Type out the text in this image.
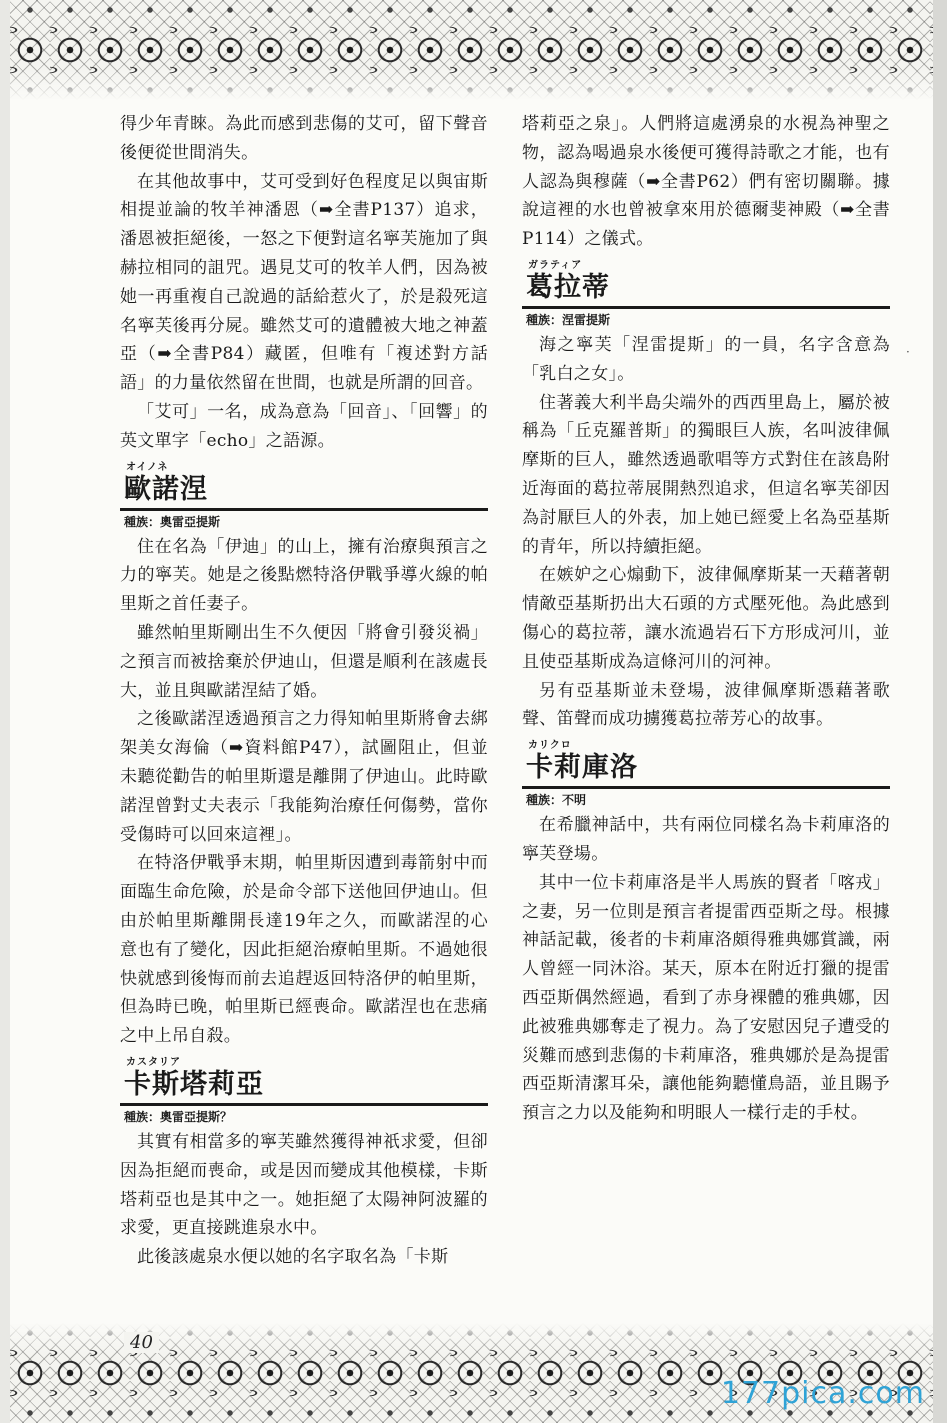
·

得少年青睞。為此而感到悲傷的艾可，留下聲音後便從世間消失。

在其他故事中，艾可受到好色程度足以與宙斯相提並論的牧羊神潘恩（➡全書P137）追求，潘恩被拒絕後，一怒之下便對這名寧芙施加了與赫拉相同的詛咒。遇見艾可的牧羊人們，因為被她一再重複自己說過的話給惹火了，於是殺死這名寧芙後再分屍。雖然艾可的遺體被大地之神蓋亞（➡全書P84）藏匿，但唯有「複述對方話語」的力量依然留在世間，也就是所謂的回音。

「艾可」一名，成為意為「回音」、「回響」的英文單字「echo」之語源。

オイノネ
歐諾涅
種族：奧雷亞提斯

住在名為「伊迪」的山上，擁有治療與預言之力的寧芙。她是之後點燃特洛伊戰爭導火線的帕里斯之首任妻子。

雖然帕里斯剛出生不久便因「將會引發災禍」之預言而被捨棄於伊迪山，但還是順利在該處長大，並且與歐諾涅結了婚。

之後歐諾涅透過預言之力得知帕里斯將會去綁架美女海倫（➡資料館P47），試圖阻止，但並未聽從勸告的帕里斯還是離開了伊迪山。此時歐諾涅曾對丈夫表示「我能夠治療任何傷勢，當你受傷時可以回來這裡」。

在特洛伊戰爭末期，帕里斯因遭到毒箭射中而面臨生命危險，於是命令部下送他回伊迪山。但由於帕里斯離開長達19年之久，而歐諾涅的心意也有了變化，因此拒絕治療帕里斯。不過她很快就感到後悔而前去追趕返回特洛伊的帕里斯，但為時已晚，帕里斯已經喪命。歐諾涅也在悲痛之中上吊自殺。

カスタリア
卡斯塔莉亞
種族：奧雷亞提斯？

其實有相當多的寧芙雖然獲得神祇求愛，但卻因為拒絕而喪命，或是因而變成其他模樣，卡斯塔莉亞也是其中之一。她拒絕了太陽神阿波羅的求愛，更直接跳進泉水中。

此後該處泉水便以她的名字取名為「卡斯

塔莉亞之泉」。人們將這處湧泉的水視為神聖之物，認為喝過泉水後便可獲得詩歌之才能，也有人認為與穆薩（➡全書P62）們有密切關聯。據說這裡的水也曾被拿來用於德爾斐神殿（➡全書P114）之儀式。

ガラティア
葛拉蒂
種族：涅雷提斯

海之寧芙「涅雷提斯」的一員，名字含意為「乳白之女」。

住著義大利半島尖端外的西西里島上，屬於被稱為「丘克羅普斯」的獨眼巨人族，名叫波律佩摩斯的巨人，雖然透過歌唱等方式對住在該島附近海面的葛拉蒂展開熱烈追求，但這名寧芙卻因為討厭巨人的外表，加上她已經愛上名為亞基斯的青年，所以持續拒絕。

在嫉妒之心煽動下，波律佩摩斯某一天藉著朝情敵亞基斯扔出大石頭的方式壓死他。為此感到傷心的葛拉蒂，讓水流過岩石下方形成河川，並且使亞基斯成為這條河川的河神。

另有亞基斯並未登場，波律佩摩斯憑藉著歌聲、笛聲而成功擄獲葛拉蒂芳心的故事。

カリクロ
卡莉庫洛
種族：不明

在希臘神話中，共有兩位同樣名為卡莉庫洛的寧芙登場。

其中一位卡莉庫洛是半人馬族的賢者「喀戎」之妻，另一位則是預言者提雷西亞斯之母。根據神話記載，後者的卡莉庫洛頗得雅典娜賞識，兩人曾經一同沐浴。某天，原本在附近打獵的提雷西亞斯偶然經過，看到了赤身裸體的雅典娜，因此被雅典娜奪走了視力。為了安慰因兒子遭受的災難而感到悲傷的卡莉庫洛，雅典娜於是為提雷西亞斯清潔耳朵，讓他能夠聽懂鳥語，並且賜予預言之力以及能夠和明眼人一樣行走的手杖。

40
177pica.com
